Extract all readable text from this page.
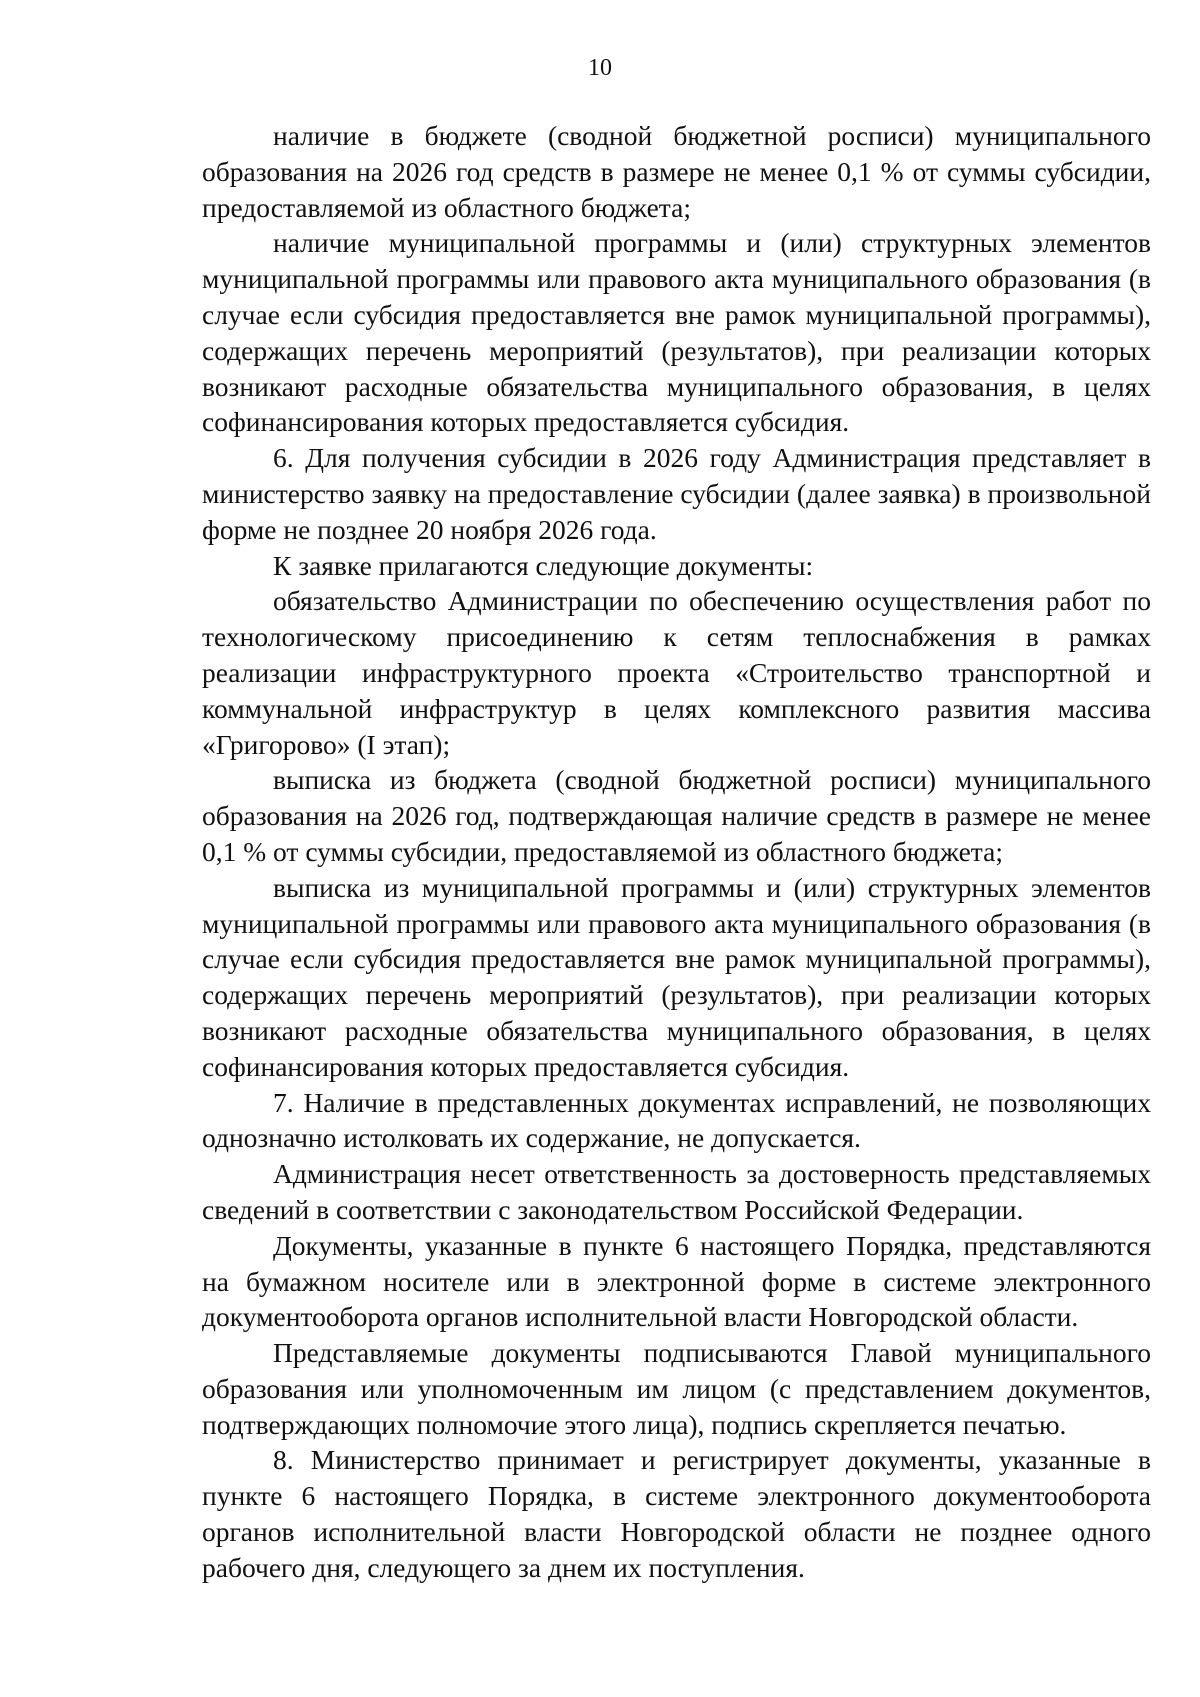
10

наличие в бюджете (сводной бюджетной росписи) муниципального образования на 2026 год средств в размере не менее 0,1 % от суммы субсидии, предоставляемой из областного бюджета;

наличие муниципальной программы и (или) структурных элементов муниципальной программы или правового акта муниципального образования (в случае если субсидия предоставляется вне рамок муниципальной программы), содержащих перечень мероприятий (результатов), при реализации которых возникают расходные обязательства муниципального образования, в целях софинансирования которых предоставляется субсидия.

6. Для получения субсидии в 2026 году Администрация представляет в министерство заявку на предоставление субсидии (далее заявка) в произвольной форме не позднее 20 ноября 2026 года.

К заявке прилагаются следующие документы:

обязательство Администрации по обеспечению осуществления работ по технологическому присоединению к сетям теплоснабжения в рамках реализации инфраструктурного проекта «Строительство транспортной и коммунальной инфраструктур в целях комплексного развития массива «Григорово» (I этап);

выписка из бюджета (сводной бюджетной росписи) муниципального образования на 2026 год, подтверждающая наличие средств в размере не менее 0,1 % от суммы субсидии, предоставляемой из областного бюджета;

выписка из муниципальной программы и (или) структурных элементов муниципальной программы или правового акта муниципального образования (в случае если субсидия предоставляется вне рамок муниципальной программы), содержащих перечень мероприятий (результатов), при реализации которых возникают расходные обязательства муниципального образования, в целях софинансирования которых предоставляется субсидия.

7. Наличие в представленных документах исправлений, не позволяющих однозначно истолковать их содержание, не допускается.

Администрация несет ответственность за достоверность представляемых сведений в соответствии с законодательством Российской Федерации.

Документы, указанные в пункте 6 настоящего Порядка, представляются на бумажном носителе или в электронной форме в системе электронного документооборота органов исполнительной власти Новгородской области.

Представляемые документы подписываются Главой муниципального образования или уполномоченным им лицом (с представлением документов, подтверждающих полномочие этого лица), подпись скрепляется печатью.

8. Министерство принимает и регистрирует документы, указанные в пункте 6 настоящего Порядка, в системе электронного документооборота органов исполнительной власти Новгородской области не позднее одного рабочего дня, следующего за днем их поступления.
